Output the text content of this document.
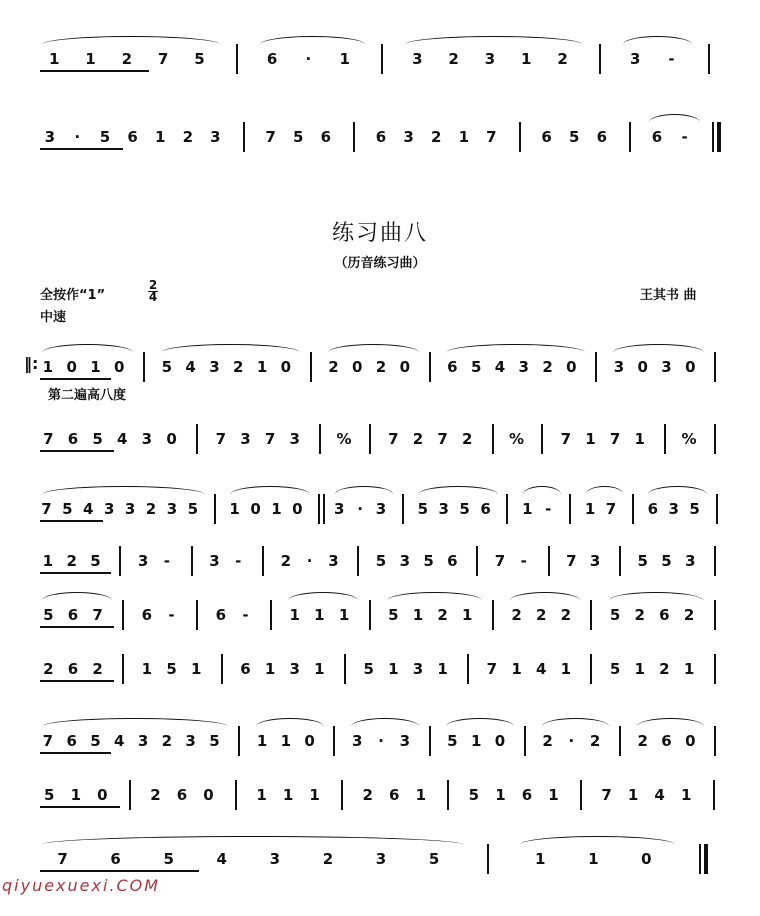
练习曲八
（历音练习曲）
全按作“1”
2
4	王其书 曲
中速
第二遍高八度
1 1 2 7 5	6	·	1	3 2 3 1 2	3	-
3	·	5 6 1 2 3	7 5 6	6 3 2 1 7	6 5 6	6	-
1 0 1 0 5 4 3 2 1 0 2 0 2 0 6 5 4 3 2 0 3 0 3 0
‖:
7 6 5 4 3 0	7 3 7 3 % 7 2 7 2 % 7 1 7 1 %
7 5 4 3 3 2 3 5 1 0 1 0 3 · 3 5 3 5 6 1 -	1 7 6 3 5
1 2 5 3	-	3	-	2	·	3 5 3 5 6 7	-	7 3 5 5 3
5 6 7	6	-	6	-	1 1 1	5 1 2 1	2 2 2	5 2 6 2
2 6 2	1 5 1	6 1 3 1	5 1 3 1	7 1 4 1	5 1 2 1
7 6 5 4 3 2 3 5 1 1 0 3	·	3 5 1 0 2	·	2 2 6 0
5 1 0	2 6 0	1 1 1	2 6 1	5 1 6 1	7 1 4 1
7	6	5	4	3	2	3	5	1	1	0
qiyuexuexi.COM
